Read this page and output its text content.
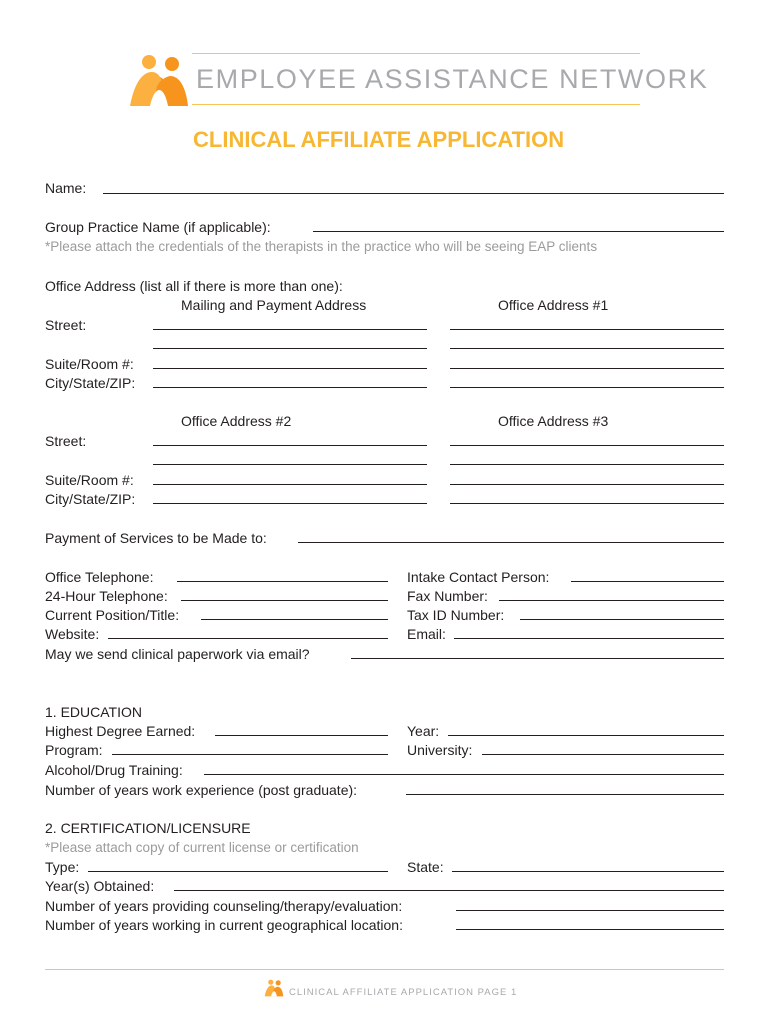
EMPLOYEE ASSISTANCE NETWORK
CLINICAL AFFILIATE APPLICATION
Name:
Group Practice Name (if applicable):
*Please attach the credentials of the therapists in the practice who will be seeing EAP clients
Office Address (list all if there is more than one):
Mailing and Payment Address	Office Address #1
Street:
Suite/Room #:
City/State/ZIP:
Office Address #2	Office Address #3
Street:
Suite/Room #:
City/State/ZIP:
Payment of Services to be Made to:
Office Telephone:	Intake Contact Person:
24-Hour Telephone:	Fax Number:
Current Position/Title:	Tax ID Number:
Website:	Email:
May we send clinical paperwork via email?
1. EDUCATION
Highest Degree Earned:	Year:
Program:	University:
Alcohol/Drug Training:
Number of years work experience (post graduate):
2. CERTIFICATION/LICENSURE
*Please attach copy of current license or certification
Type:	State:
Year(s) Obtained:
Number of years providing counseling/therapy/evaluation:
Number of years working in current geographical location:
CLINICAL AFFILIATE APPLICATION PAGE 1
